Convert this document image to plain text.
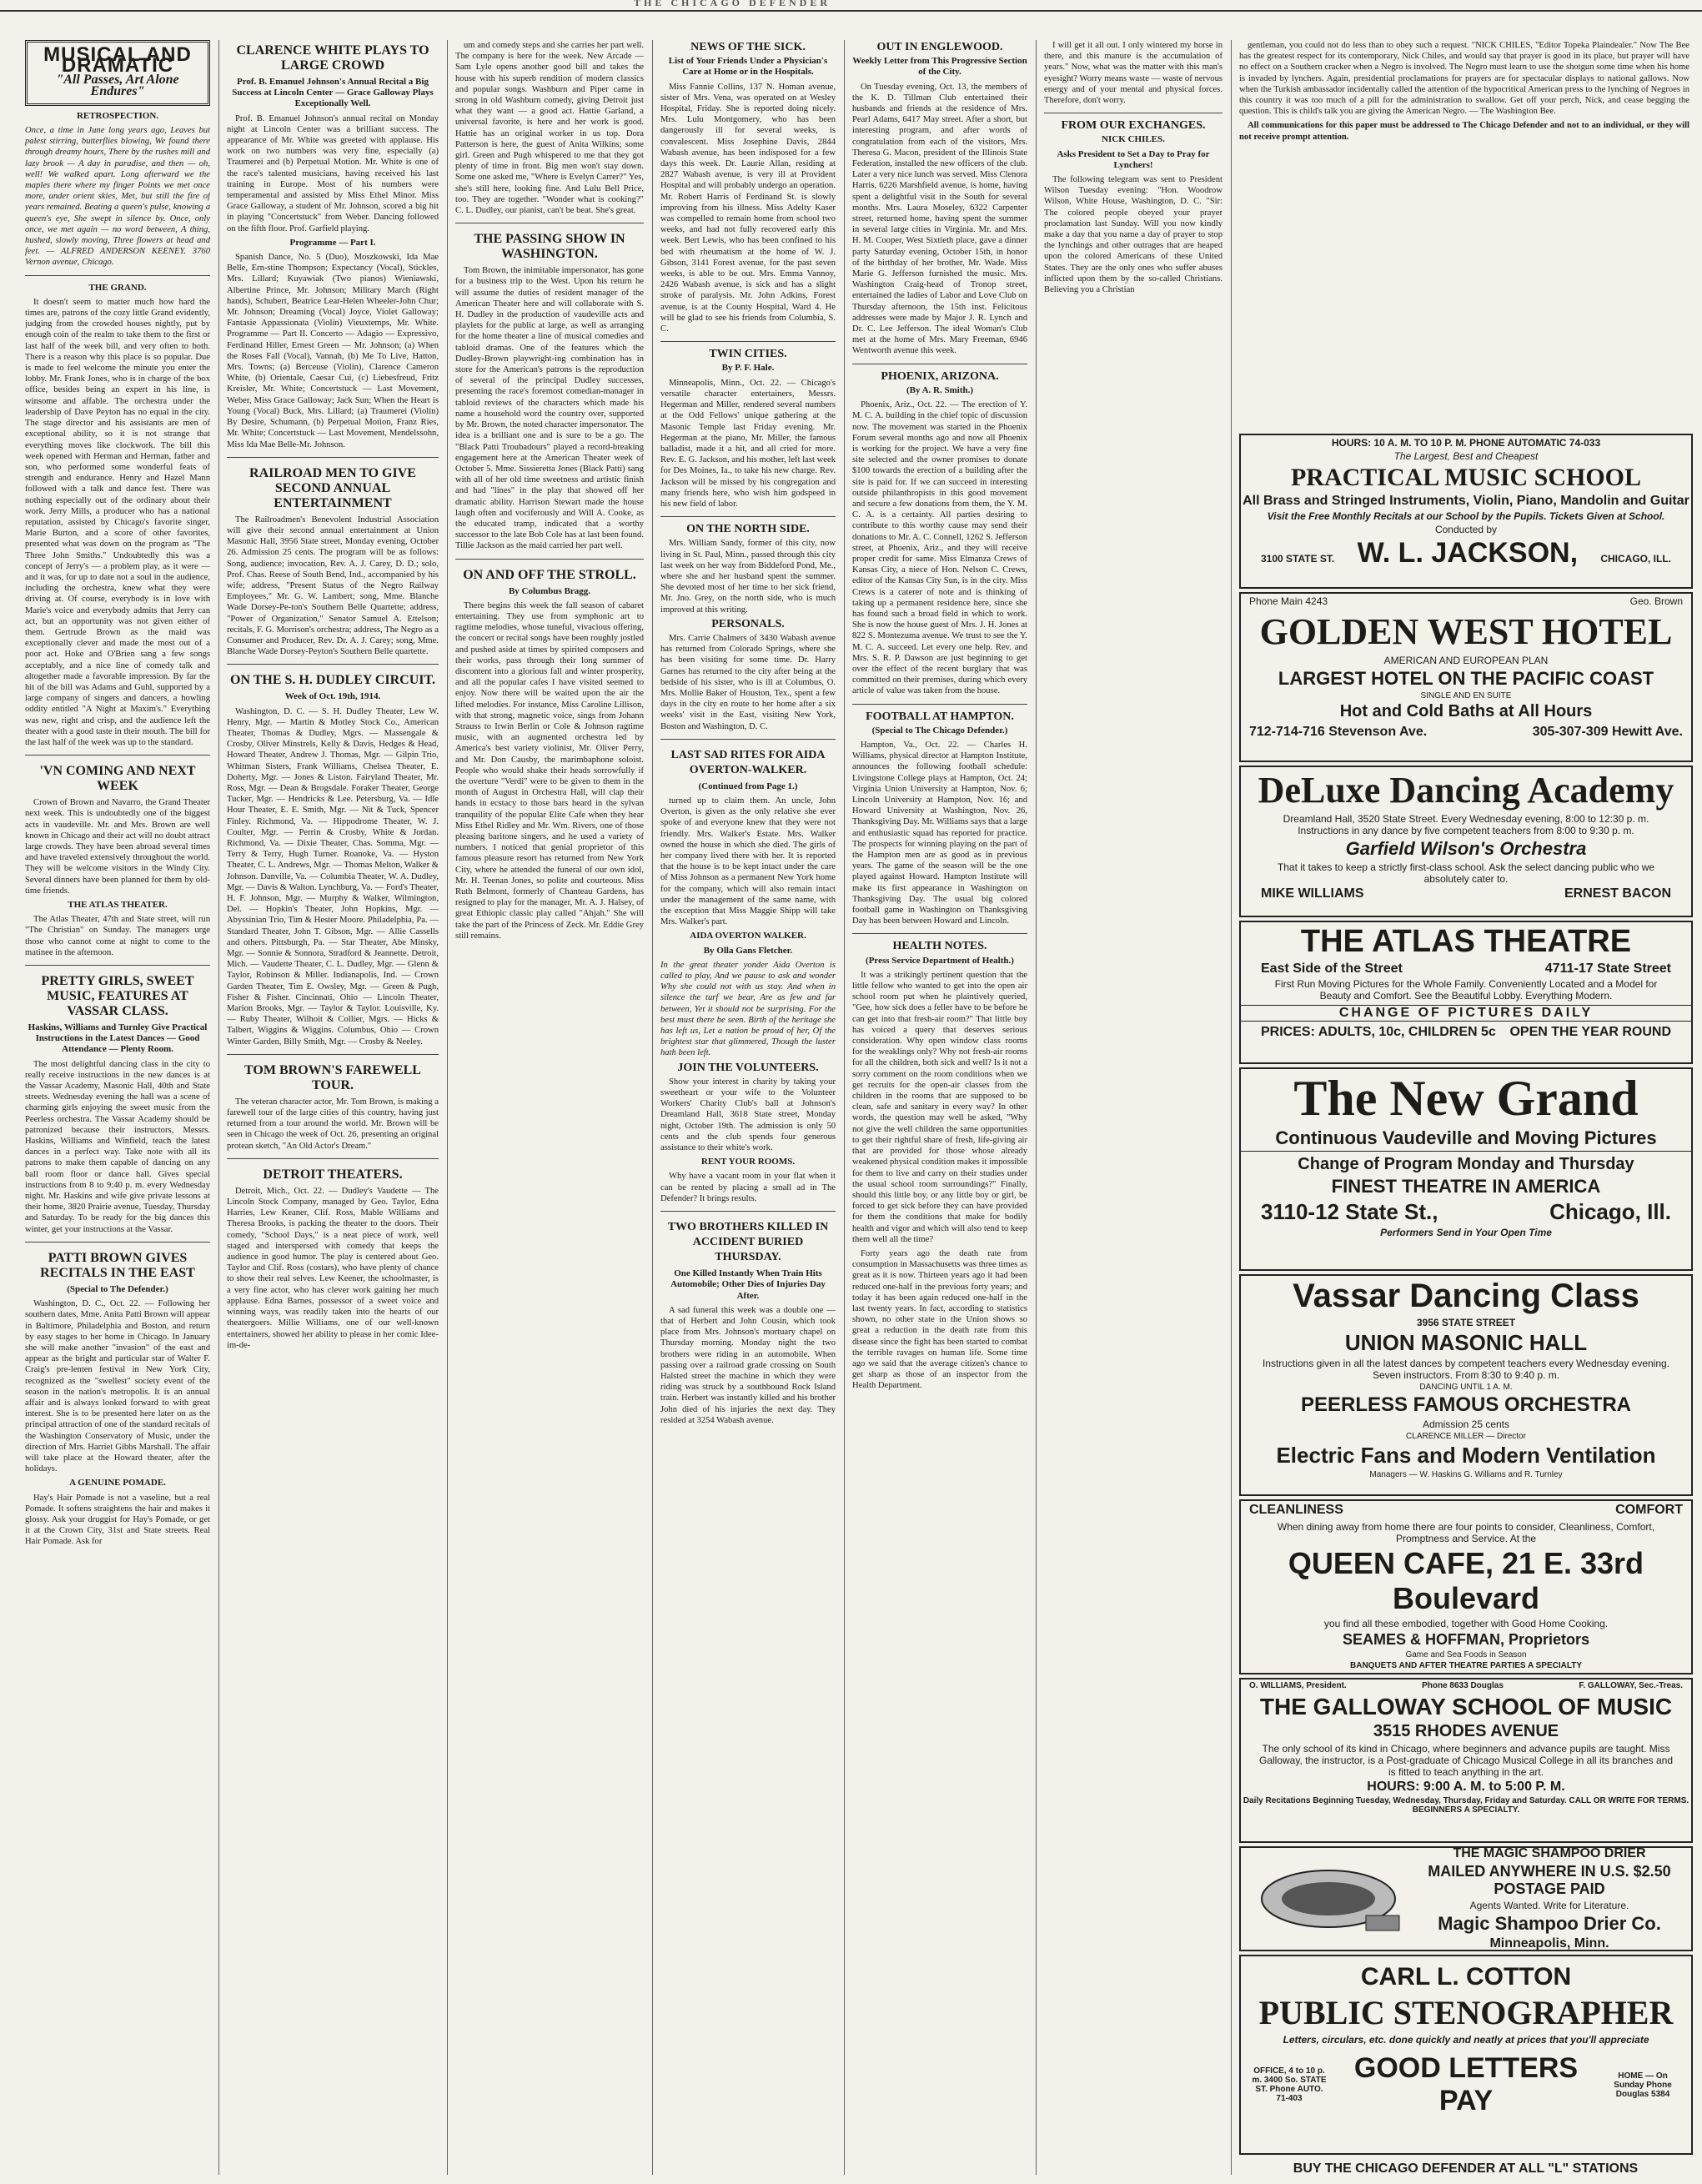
THE CHICAGO DEFENDER
MUSICAL AND DRAMATIC
"All Passes, Art Alone Endures"

RETROSPECTION.

Once, a time in June long years ago, Leaves but palest stirring, butterflies blowing, We found there through dreamy hours, There by the rushes mill and lazy brook — A day in paradise, and then — oh, well! We walked apart. Long afterward we the maples there where my finger Points we met once more, under orient skies, Met, but still the fire of years remained. Beating a queen's pulse, knowing a queen's eye, She swept in silence by. Once, only once, we met again — no word between, A thing, hushed, slowly moving, Three flowers at head and feet. — ALFRED ANDERSON KEENEY. 3760 Vernon avenue, Chicago.

THE GRAND.

It doesn't seem to matter much how hard the times are, patrons of the cozy little Grand evidently, judging from the crowded houses nightly, put by enough coin of the realm to take them to the first or last half of the week bill, and very often to both. There is a reason why this place is so popular. Due is made to feel welcome the minute you enter the lobby. Mr. Frank Jones, who is in charge of the box office, besides being an expert in his line, is winsome and affable. The orchestra under the leadership of Dave Peyton has no equal in the city. The stage director and his assistants are men of exceptional ability, so it is not strange that everything moves like clockwork. The bill this week opened with Herman and Herman, father and son, who performed some wonderful feats of strength and endurance. Henry and Hazel Mann followed with a talk and dance fest. There was nothing especially out of the ordinary about their work. Jerry Mills, a producer who has a national reputation, assisted by Chicago's favorite singer, Marie Burton, and a score of other favorites, presented what was down on the program as "The Three John Smiths." Undoubtedly this was a concept of Jerry's — a problem play, as it were — and it was, for up to date not a soul in the audience, including the orchestra, knew what they were driving at. Of course, everybody is in love with Marie's voice and everybody admits that Jerry can act, but an opportunity was not given either of them. Gertrude Brown as the maid was exceptionally clever and made the most out of a poor act. Hoke and O'Brien sang a few songs acceptably, and a nice line of comedy talk and altogether made a favorable impression. By far the hit of the bill was Adams and Guhl, supported by a large company of singers and dancers, a howling oddity entitled "A Night at Maxim's." Everything was new, right and crisp, and the audience left the theater with a good taste in their mouth. The bill for the last half of the week was up to the standard.

'VN COMING AND NEXT WEEK

Crown of Brown and Navarro, the Grand Theater next week. This is undoubtedly one of the biggest acts in vaudeville. Mr. and Mrs. Brown are well known in Chicago and their act will no doubt attract large crowds. They have been abroad several times and have traveled extensively throughout the world. They will be welcome visitors in the Windy City. Several dinners have been planned for them by old-time friends.

THE ATLAS THEATER.

The Atlas Theater, 47th and State street, will run "The Christian" on Sunday. The managers urge those who cannot come at night to come to the matinee in the afternoon.

PRETTY GIRLS, SWEET MUSIC, FEATURES AT VASSAR CLASS.

Haskins, Williams and Turnley Give Practical Instructions in the Latest Dances — Good Attendance — Plenty Room.

The most delightful dancing class in the city to really receive instructions in the new dances is at the Vassar Academy, Masonic Hall, 40th and State streets. Wednesday evening the hall was a scene of charming girls enjoying the sweet music from the Peerless orchestra. The Vassar Academy should be patronized because their instructors, Messrs. Haskins, Williams and Winfield, teach the latest dances in a perfect way. Take note with all its patrons to make them capable of dancing on any ball room floor or dance hall. Gives special instructions from 8 to 9:40 p. m. every Wednesday night. Mr. Haskins and wife give private lessons at their home, 3820 Prairie avenue, Tuesday, Thursday and Saturday. To be ready for the big dances this winter, get your instructions at the Vassar.

PATTI BROWN GIVES RECITALS IN THE EAST

(Special to The Defender.)

Washington, D. C., Oct. 22. — Following her southern dates, Mme. Anita Patti Brown will appear in Baltimore, Philadelphia and Boston, and return by easy stages to her home in Chicago. In January she will make another "invasion" of the east and appear as the bright and particular star of Walter F. Craig's pre-lenten festival in New York City, recognized as the "swellest" society event of the season in the nation's metropolis. It is an annual affair and is always looked forward to with great interest. She is to be presented here later on as the principal attraction of one of the standard recitals of the Washington Conservatory of Music, under the direction of Mrs. Harriet Gibbs Marshall. The affair will take place at the Howard theater, after the holidays.

A GENUINE POMADE.

Hay's Hair Pomade is not a vaseline, but a real Pomade. It softens straightens the hair and makes it glossy. Ask your druggist for Hay's Pomade, or get it at the Crown City, 31st and State streets. Real Hair Pomade. Ask for

CLARENCE WHITE PLAYS TO LARGE CROWD

Prof. B. Emanuel Johnson's Annual Recital a Big Success at Lincoln Center — Grace Galloway Plays Exceptionally Well.

Prof. B. Emanuel Johnson's annual recital on Monday night at Lincoln Center was a brilliant success. The appearance of Mr. White was greeted with applause. His work on two numbers was very fine, especially (a) Traumerei and (b) Perpetual Motion. Mr. White is one of the race's talented musicians, having received his last training in Europe. Most of his numbers were temperamental and assisted by Miss Ethel Minor. Miss Grace Galloway, a student of Mr. Johnson, scored a big hit in playing "Concertstuck" from Weber. Dancing followed on the fifth floor. Prof. Garfield playing.

Programme — Part I.

Spanish Dance, No. 5 (Duo), Moszkowski, Ida Mae Belle, Ern-stine Thompson; Expectancy (Vocal), Stickles, Mrs. Lillard; Kuyawiak (Two pianos) Wieniawski, Albertine Prince, Mr. Johnson; Military March (Right hands), Schubert, Beatrice Lear-Helen Wheeler-John Chur; Mr. Johnson; Dreaming (Vocal) Joyce, Violet Galloway; Fantasie Appassionata (Violin) Vieuxtemps, Mr. White. Programme — Part II. Concerto — Adagio — Expressivo, Ferdinand Hiller, Ernest Green — Mr. Johnson; (a) When the Roses Fall (Vocal), Vannah, (b) Me To Live, Hatton, Mrs. Towns; (a) Berceuse (Violin), Clarence Cameron White, (b) Orientale, Caesar Cui, (c) Liebesfreud, Fritz Kreisler, Mr. White; Concertstuck — Last Movement, Weber, Miss Grace Galloway; Jack Sun; When the Heart is Young (Vocal) Buck, Mrs. Lillard; (a) Traumerei (Violin) By Desire, Schumann, (b) Perpetual Motion, Franz Ries, Mr. White; Concertstuck — Last Movement, Mendelssohn, Miss Ida Mae Belle-Mr. Johnson.

RAILROAD MEN TO GIVE SECOND ANNUAL ENTERTAINMENT

The Railroadmen's Benevolent Industrial Association will give their second annual entertainment at Union Masonic Hall, 3956 State street, Monday evening, October 26. Admission 25 cents. The program will be as follows: Song, audience; invocation, Rev. A. J. Carey, D. D.; solo, Prof. Chas. Reese of South Bend, Ind., accompanied by his wife; address, "Present Status of the Negro Railway Employees," Mr. G. W. Lambert; song, Mme. Blanche Wade Dorsey-Pe-ton's Southern Belle Quartette; address, "Power of Organization," Senator Samuel A. Ettelson; recitals, F. G. Morrison's orchestra; address, The Negro as a Consumer and Producer, Rev. Dr. A. J. Carey; song, Mme. Blanche Wade Dorsey-Peyton's Southern Belle quartette.

ON THE S. H. DUDLEY CIRCUIT.

Week of Oct. 19th, 1914.

Washington, D. C. — S. H. Dudley Theater, Lew W. Henry, Mgr. — Martin & Motley Stock Co., American Theater, Thomas & Dudley, Mgrs. — Massengale & Crosby, Oliver Minstrels, Kelly & Davis, Hedges & Head, Howard Theater, Andrew J. Thomas, Mgr. — Gilpin Trio, Whitman Sisters, Frank Williams, Chelsea Theater, E. Doherty, Mgr. — Jones & Liston. Fairyland Theater, Mr. Ross, Mgr. — Dean & Brogsdale. Foraker Theater, George Tucker, Mgr. — Hendricks & Lee. Petersburg, Va. — Idle Hour Theater, E. E. Smith, Mgr. — Nit & Tuck, Spencer Finley. Richmond, Va. — Hippodrome Theater, W. J. Coulter, Mgr. — Perrin & Crosby, White & Jordan. Richmond, Va. — Dixie Theater, Chas. Somma, Mgr. — Terry & Terry, Hugh Turner. Roanoke, Va. — Hyston Theater, C. L. Andrews, Mgr. — Thomas Melton, Walker & Johnson. Danville, Va. — Columbia Theater, W. A. Dudley, Mgr. — Davis & Walton. Lynchburg, Va. — Ford's Theater, H. F. Johnson, Mgr. — Murphy & Walker, Wilmington, Del. — Hopkin's Theater, John Hopkins, Mgr. — Abyssinian Trio, Tim & Hester Moore. Philadelphia, Pa. — Standard Theater, John T. Gibson, Mgr. — Allie Cassells and others. Pittsburgh, Pa. — Star Theater, Abe Minsky, Mgr. — Sonnie & Sonnora, Stradford & Jeannette. Detroit, Mich. — Vaudette Theater, C. L. Dudley, Mgr. — Glenn & Taylor, Robinson & Miller. Indianapolis, Ind. — Crown Garden Theater, Tim E. Owsley, Mgr. — Green & Pugh, Fisher & Fisher. Cincinnati, Ohio — Lincoln Theater, Marion Brooks, Mgr. — Taylor & Taylor. Louisville, Ky. — Ruby Theater, Wilhoit & Collier, Mgrs. — Hicks & Talbert, Wiggins & Wiggins. Columbus, Ohio — Crown Winter Garden, Billy Smith, Mgr. — Crosby & Neeley.

TOM BROWN'S FAREWELL TOUR.

The veteran character actor, Mr. Tom Brown, is making a farewell tour of the large cities of this country, having just returned from a tour around the world. Mr. Brown will be seen in Chicago the week of Oct. 26, presenting an original protean sketch, "An Old Actor's Dream."

DETROIT THEATERS.

Detroit, Mich., Oct. 22. — Dudley's Vaudette — The Lincoln Stock Company, managed by Geo. Taylor, Edna Harries, Lew Keaner, Clif. Ross, Mable Williams and Theresa Brooks, is packing the theater to the doors. Their comedy, "School Days," is a neat piece of work, well staged and interspersed with comedy that keeps the audience in good humor. The play is centered about Geo. Taylor and Clif. Ross (costars), who have plenty of chance to show their real selves. Lew Keener, the schoolmaster, is a very fine actor, who has clever work gaining her much applause. Edna Barnes, possessor of a sweet voice and winning ways, was readily taken into the hearts of our theatergoers. Millie Williams, one of our well-known entertainers, showed her ability to please in her comic Idee-im-de-

um and comedy steps and she carries her part well. The company is here for the week. New Arcade — Sam Lyle opens another good bill and takes the house with his superb rendition of modern classics and popular songs. Washburn and Piper came in strong in old Washburn comedy, giving Detroit just what they want — a good act. Hattie Garland, a universal favorite, is here and her work is good. Hattie has an original worker in us top. Dora Patterson is here, the guest of Anita Wilkins; some girl. Green and Pugh whispered to me that they got plenty of time in front. Big men won't stay down. Some one asked me, "Where is Evelyn Carrer?" Yes, she's still here, looking fine. And Lulu Bell Price, too. They are together. "Wonder what is cooking?" C. L. Dudley, our pianist, can't be beat. She's great.

THE PASSING SHOW IN WASHINGTON.

Tom Brown, the inimitable impersonator, has gone for a business trip to the West. Upon his return he will assume the duties of resident manager of the American Theater here and will collaborate with S. H. Dudley in the production of vaudeville acts and playlets for the public at large, as well as arranging for the home theater a line of musical comedies and tabloid dramas. One of the features which the Dudley-Brown playwright-ing combination has in store for the American's patrons is the reproduction of several of the principal Dudley successes, presenting the race's foremost comedian-manager in tabloid reviews of the characters which made his name a household word the country over, supported by Mr. Brown, the noted character impersonator. The idea is a brilliant one and is sure to be a go. The "Black Patti Troubadours" played a record-breaking engagement here at the American Theater week of October 5. Mme. Sissieretta Jones (Black Patti) sang with all of her old time sweetness and artistic finish and had "lines" in the play that showed off her dramatic ability. Harrison Stewart made the house laugh often and vociferously and Will A. Cooke, as the educated tramp, indicated that a worthy successor to the late Bob Cole has at last been found. Tillie Jackson as the maid carried her part well.

ON AND OFF THE STROLL.

By Columbus Bragg.

There begins this week the fall season of cabaret entertaining. They use from symphonic art to ragtime melodies, whose tuneful, vivacious offering, the concert or recital songs have been roughly jostled and pushed aside at times by spirited composers and their works, pass through their long summer of discontent into a glorious fall and winter prosperity, and all the popular cafes I have visited seemed to enjoy. Now there will be waited upon the air the lifted melodies. For instance, Miss Caroline Lillison, with that strong, magnetic voice, sings from Johann Strauss to Irwin Berlin or Cole & Johnson ragtime music, with an augmented orchestra led by America's best variety violinist, Mr. Oliver Perry, and Mr. Don Causby, the marimbaphone soloist. People who would shake their heads sorrowfully if the overture "Verdi" were to be given to them in the month of August in Orchestra Hall, will clap their hands in ecstacy to those bars heard in the sylvan tranquility of the popular Elite Cafe when they hear Miss Ethel Ridley and Mr. Wm. Rivers, one of those pleasing baritone singers, and he used a variety of numbers. I noticed that genial proprietor of this famous pleasure resort has returned from New York City, where he attended the funeral of our own idol, Mr. H. Teenan Jones, so polite and courteous. Miss Ruth Belmont, formerly of Chanteau Gardens, has resigned to play for the manager, Mr. A. J. Halsey, of great Ethiopic classic play called "Ahjah." She will take the part of the Princess of Zeck. Mr. Eddie Grey still remains.

NEWS OF THE SICK.

List of Your Friends Under a Physician's Care at Home or in the Hospitals.

Miss Fannie Collins, 137 N. Homan avenue, sister of Mrs. Vena, was operated on at Wesley Hospital, Friday. She is reported doing nicely. Mrs. Lulu Montgomery, who has been dangerously ill for several weeks, is convalescent. Miss Josephine Davis, 2844 Wabash avenue, has been indisposed for a few days this week. Dr. Laurie Allan, residing at 2827 Wabash avenue, is very ill at Provident Hospital and will probably undergo an operation. Mr. Robert Harris of Ferdinand St. is slowly improving from his illness. Miss Adelty Kaser was compelled to remain home from school two weeks, and had not fully recovered early this week. Bert Lewis, who has been confined to his bed with rheumatism at the home of W. J. Gibson, 3141 Forest avenue, for the past seven weeks, is able to be out. Mrs. Emma Vannoy, 2426 Wabash avenue, is sick and has a slight stroke of paralysis. Mr. John Adkins, Forest avenue, is at the County Hospital, Ward 4. He will be glad to see his friends from Columbia, S. C.

TWIN CITIES.

By P. F. Hale.

Minneapolis, Minn., Oct. 22. — Chicago's versatile character entertainers, Messrs. Hegerman and Miller, rendered several numbers at the Odd Fellows' unique gathering at the Masonic Temple last Friday evening. Mr. Hegerman at the piano, Mr. Miller, the famous balladist, made it a hit, and all cried for more. Rev. E. G. Jackson, and his mother, left last week for Des Moines, Ia., to take his new charge. Rev. Jackson will be missed by his congregation and many friends here, who wish him godspeed in his new field of labor.

ON THE NORTH SIDE.

Mrs. William Sandy, former of this city, now living in St. Paul, Minn., passed through this city last week on her way from Biddeford Pond, Me., where she and her husband spent the summer. She devoted most of her time to her sick friend, Mr. Jno. Grey, on the north side, who is much improved at this writing.

PERSONALS.

Mrs. Carrie Chalmers of 3430 Wabash avenue has returned from Colorado Springs, where she has been visiting for some time. Dr. Harry Garnes has returned to the city after being at the bedside of his sister, who is ill at Columbus, O. Mrs. Mollie Baker of Houston, Tex., spent a few days in the city en route to her home after a six weeks' visit in the East, visiting New York, Boston and Washington, D. C.

LAST SAD RITES FOR AIDA OVERTON-WALKER.

(Continued from Page 1.)

turned up to claim them. An uncle, John Overton, is given as the only relative she ever spoke of and everyone knew that they were not friendly. Mrs. Walker's Estate. Mrs. Walker owned the house in which she died. The girls of her company lived there with her. It is reported that the house is to be kept intact under the care of Miss Johnson as a permanent New York home for the company, which will also remain intact under the management of the same name, with the exception that Miss Maggie Shipp will take Mrs. Walker's part.

AIDA OVERTON WALKER.

By Olla Gans Fletcher.

In the great theater yonder Aida Overton is called to play, And we pause to ask and wonder Why she could not with us stay. And when in silence the turf we bear, Are as few and far between, Yet it should not be surprising. For the best must there be seen. Birth of the heritage she has left us, Let a nation be proud of her, Of the brightest star that glimmered, Though the luster hath been left.

JOIN THE VOLUNTEERS.

Show your interest in charity by taking your sweetheart or your wife to the Volunteer Workers' Charity Club's ball at Johnson's Dreamland Hall, 3618 State street, Monday night, October 19th. The admission is only 50 cents and the club spends four generous assistance to their white's work.

RENT YOUR ROOMS.

Why have a vacant room in your flat when it can be rented by placing a small ad in The Defender? It brings results.

TWO BROTHERS KILLED IN ACCIDENT BURIED THURSDAY.

One Killed Instantly When Train Hits Automobile; Other Dies of Injuries Day After.

A sad funeral this week was a double one — that of Herbert and John Cousin, which took place from Mrs. Johnson's mortuary chapel on Thursday morning. Monday night the two brothers were riding in an automobile. When passing over a railroad grade crossing on South Halsted street the machine in which they were riding was struck by a southbound Rock Island train. Herbert was instantly killed and his brother John died of his injuries the next day. They resided at 3254 Wabash avenue.

OUT IN ENGLEWOOD.

Weekly Letter from This Progressive Section of the City.

On Tuesday evening, Oct. 13, the members of the K. D. Tillman Club entertained their husbands and friends at the residence of Mrs. Pearl Adams, 6417 May street. After a short, but interesting program, and after words of congratulation from each of the visitors, Mrs. Theresa G. Macon, president of the Illinois State Federation, installed the new officers of the club. Later a very nice lunch was served. Miss Clenora Harris, 6226 Marshfield avenue, is home, having spent a delightful visit in the South for several months. Mrs. Laura Moseley, 6322 Carpenter street, returned home, having spent the summer in several large cities in Virginia. Mr. and Mrs. H. M. Cooper, West Sixtieth place, gave a dinner party Saturday evening, October 15th, in honor of the birthday of her brother, Mr. Wade. Miss Marie G. Jefferson furnished the music. Mrs. Washington Craig-head of Tronop street, entertained the ladies of Labor and Love Club on Thursday afternoon, the 15th inst. Felicitous addresses were made by Major J. R. Lynch and Dr. C. Lee Jefferson. The ideal Woman's Club met at the home of Mrs. Mary Freeman, 6946 Wentworth avenue this week.

PHOENIX, ARIZONA.

(By A. R. Smith.)

Phoenix, Ariz., Oct. 22. — The erection of Y. M. C. A. building in the chief topic of discussion now. The movement was started in the Phoenix Forum several months ago and now all Phoenix is working for the project. We have a very fine site selected and the owner promises to donate $100 towards the erection of a building after the site is paid for. If we can succeed in interesting outside philanthropists in this good movement and secure a few donations from them, the Y. M. C. A. is a certainty. All parties desiring to contribute to this worthy cause may send their donations to Mr. A. C. Connell, 1262 S. Jefferson street, at Phoenix, Ariz., and they will receive proper credit for same. Miss Elmanza Crews of Kansas City, a niece of Hon. Nelson C. Crews, editor of the Kansas City Sun, is in the city. Miss Crews is a caterer of note and is thinking of taking up a permanent residence here, since she has found such a broad field in which to work. She is now the house guest of Mrs. J. H. Jones at 822 S. Montezuma avenue. We trust to see the Y. M. C. A. succeed. Let every one help. Rev. and Mrs. S. R. P. Dawson are just beginning to get over the effect of the recent burglary that was committed on their premises, during which every article of value was taken from the house.

FOOTBALL AT HAMPTON.

(Special to The Chicago Defender.)

Hampton, Va., Oct. 22. — Charles H. Williams, physical director at Hampton Institute, announces the following football schedule: Livingstone College plays at Hampton, Oct. 24; Virginia Union University at Hampton, Nov. 6; Lincoln University at Hampton, Nov. 16; and Howard University at Washington, Nov. 26, Thanksgiving Day. Mr. Williams says that a large and enthusiastic squad has reported for practice. The prospects for winning playing on the part of the Hampton men are as good as in previous years. The game of the season will be the one played against Howard. Hampton Institute will make its first appearance in Washington on Thanksgiving Day. The usual big colored football game in Washington on Thanksgiving Day has been between Howard and Lincoln.

HEALTH NOTES.

(Press Service Department of Health.)

It was a strikingly pertinent question that the little fellow who wanted to get into the open air school room put when he plaintively queried, "Gee, how sick does a feller have to be before he can get into that fresh-air room?" That little boy has voiced a query that deserves serious consideration. Why open window class rooms for the weaklings only? Why not fresh-air rooms for all the children, both sick and well? Is it not a sorry comment on the room conditions when we get recruits for the open-air classes from the children in the rooms that are supposed to be clean, safe and sanitary in every way? In other words, the question may well be asked, "Why not give the well children the same opportunities to get their rightful share of fresh, life-giving air that are provided for those whose already weakened physical condition makes it impossible for them to live and carry on their studies under the usual school room surroundings?" Finally, should this little boy, or any little boy or girl, be forced to get sick before they can have provided for them the conditions that make for bodily health and vigor and which will also tend to keep them well all the time?

Forty years ago the death rate from consumption in Massachusetts was three times as great as it is now. Thirteen years ago it had been reduced one-half in the previous forty years; and today it has been again reduced one-half in the last twenty years. In fact, according to statistics shown, no other state in the Union shows so great a reduction in the death rate from this disease since the fight has been started to combat the terrible ravages on human life. Some time ago we said that the average citizen's chance to get sharp as those of an inspector from the Health Department.

I will get it all out. I only wintered my horse in there, and this manure is the accumulation of years." Now, what was the matter with this man's eyesight? Worry means waste — waste of nervous energy and of your mental and physical forces. Therefore, don't worry.

FROM OUR EXCHANGES.

NICK CHILES.

Asks President to Set a Day to Pray for Lynchers!

The following telegram was sent to President Wilson Tuesday evening: "Hon. Woodrow Wilson, White House, Washington, D. C. "Sir: The colored people obeyed your prayer proclamation last Sunday. Will you now kindly make a day that you name a day of prayer to stop the lynchings and other outrages that are heaped upon the colored Americans of these United States. They are the only ones who suffer abuses inflicted upon them by the so-called Christians. Believing you a Christian

gentleman, you could not do less than to obey such a request. "NICK CHILES, "Editor Topeka Plaindealer." Now The Bee has the greatest respect for its contemporary, Nick Chiles, and would say that prayer is good in its place, but prayer will have no effect on a Southern cracker when a Negro is involved. The Negro must learn to use the shotgun some time when his home is invaded by lynchers. Again, presidential proclamations for prayers are for spectacular displays to national gallows. Now when the Turkish ambassador incidentally called the attention of the hypocritical American press to the lynching of Negroes in this country it was too much of a pill for the administration to swallow. Get off your perch, Nick, and cease begging the question. This is child's talk you are giving the American Negro. — The Washington Bee.

All communications for this paper must be addressed to The Chicago Defender and not to an individual, or they will not receive prompt attention.

HOURS: 10 A. M. TO 10 P. M. PHONE AUTOMATIC 74-033
The Largest, Best and Cheapest
PRACTICAL MUSIC SCHOOL
All Brass and Stringed Instruments, Violin, Piano, Mandolin and Guitar
Visit the Free Monthly Recitals at our School by the Pupils. Tickets Given at School.
Conducted by
3100 STATE ST. W. L. JACKSON, CHICAGO, ILL.
Phone Main 4243	Geo. Brown
GOLDEN WEST HOTEL
AMERICAN AND EUROPEAN PLAN
LARGEST HOTEL ON THE PACIFIC COAST
SINGLE AND EN SUITE
Hot and Cold Baths at All Hours
712-714-716 Stevenson Ave.	305-307-309 Hewitt Ave.
DeLuxe Dancing Academy
Dreamland Hall, 3520 State Street. Every Wednesday evening, 8:00 to 12:30 p. m. Instructions in any dance by five competent teachers from 8:00 to 9:30 p. m.
Garfield Wilson's Orchestra
That it takes to keep a strictly first-class school. Ask the select dancing public who we absolutely cater to.
MIKE WILLIAMS	ERNEST BACON
THE ATLAS THEATRE
East Side of the Street	4711-17 State Street
First Run Moving Pictures for the Whole Family. Conveniently Located and a Model for Beauty and Comfort. See the Beautiful Lobby. Everything Modern.
CHANGE OF PICTURES DAILY
PRICES: ADULTS, 10c, CHILDREN 5c OPEN THE YEAR ROUND
The New Grand
Continuous Vaudeville and Moving Pictures
Change of Program Monday and Thursday
FINEST THEATRE IN AMERICA
3110-12 State St.,	Chicago, Ill.
Performers Send in Your Open Time
Vassar Dancing Class
3956 STATE STREET
UNION MASONIC HALL
Instructions given in all the latest dances by competent teachers every Wednesday evening. Seven instructors. From 8:30 to 9:40 p. m.
DANCING UNTIL 1 A. M.
PEERLESS FAMOUS ORCHESTRA
Admission 25 cents
CLARENCE MILLER — Director
Electric Fans and Modern Ventilation
Managers — W. Haskins G. Williams and R. Turnley
CLEANLINESS	COMFORT
When dining away from home there are four points to consider, Cleanliness, Comfort, Promptness and Service. At the
QUEEN CAFE, 21 E. 33rd Boulevard
you find all these embodied, together with Good Home Cooking.
SEAMES & HOFFMAN, Proprietors
Game and Sea Foods in Season
BANQUETS AND AFTER THEATRE PARTIES A SPECIALTY
O. WILLIAMS, President.	Phone 8633 Douglas	F. GALLOWAY, Sec.-Treas.
THE GALLOWAY SCHOOL OF MUSIC
3515 RHODES AVENUE
The only school of its kind in Chicago, where beginners and advance pupils are taught. Miss Galloway, the instructor, is a Post-graduate of Chicago Musical College in all its branches and is fitted to teach anything in the art.
HOURS: 9:00 A. M. to 5:00 P. M.
Daily Recitations Beginning Tuesday, Wednesday, Thursday, Friday and Saturday. CALL OR WRITE FOR TERMS. BEGINNERS A SPECIALTY.
THE MAGIC SHAMPOO DRIER
MAILED ANYWHERE IN U.S. $2.50 POSTAGE PAID
Agents Wanted. Write for Literature.
Magic Shampoo Drier Co.
Minneapolis, Minn.
CARL L. COTTON
PUBLIC STENOGRAPHER
Letters, circulars, etc. done quickly and neatly at prices that you'll appreciate
OFFICE, 4 to 10 p. m. 3400 So. STATE ST. Phone AUTO. 71-403
GOOD LETTERS PAY
HOME — On Sunday Phone Douglas 5384
BUY THE CHICAGO DEFENDER AT ALL "L" STATIONS
